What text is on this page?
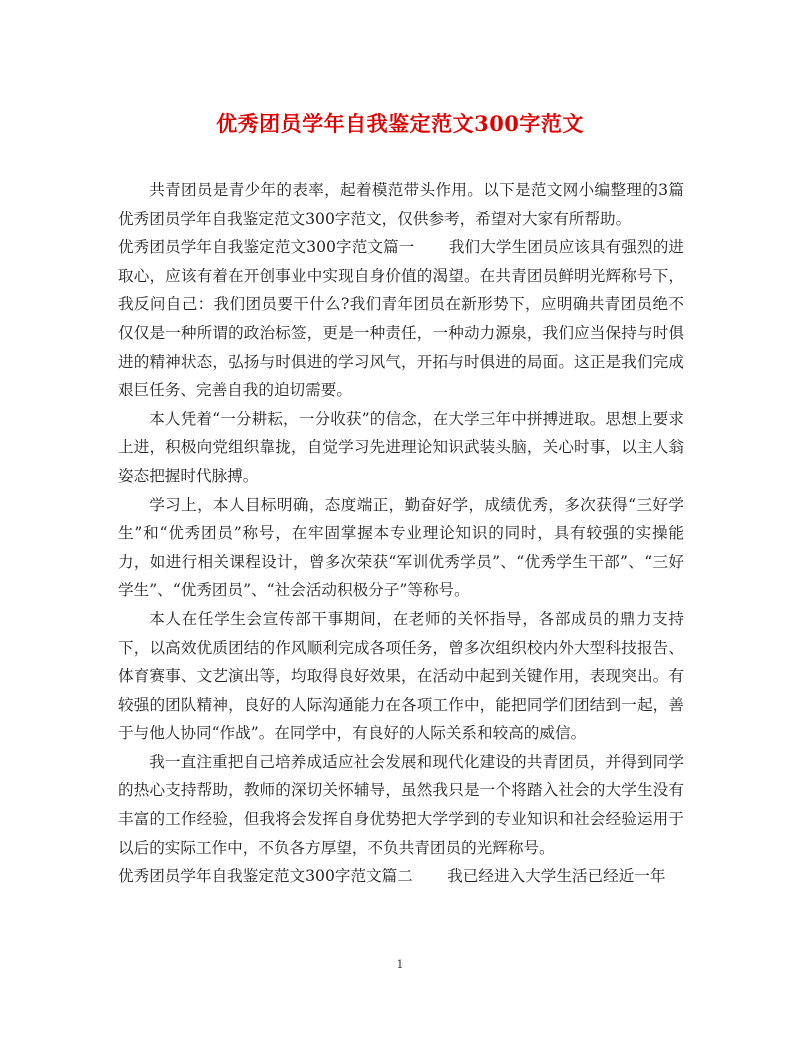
优秀团员学年自我鉴定范文300字范文

共青团员是青少年的表率，起着模范带头作用。以下是范文网小编整理的3篇优秀团员学年自我鉴定范文300字范文，仅供参考，希望对大家有所帮助。

优秀团员学年自我鉴定范文300字范文篇一 我们大学生团员应该具有强烈的进取心，应该有着在开创事业中实现自身价值的渴望。在共青团员鲜明光辉称号下，我反问自己：我们团员要干什么?我们青年团员在新形势下，应明确共青团员绝不仅仅是一种所谓的政治标签，更是一种责任，一种动力源泉，我们应当保持与时俱进的精神状态，弘扬与时俱进的学习风气，开拓与时俱进的局面。这正是我们完成艰巨任务、完善自我的迫切需要。

本人凭着“一分耕耘，一分收获”的信念，在大学三年中拼搏进取。思想上要求上进，积极向党组织靠拢，自觉学习先进理论知识武装头脑，关心时事，以主人翁姿态把握时代脉搏。

学习上，本人目标明确，态度端正，勤奋好学，成绩优秀，多次获得“三好学生”和“优秀团员”称号，在牢固掌握本专业理论知识的同时，具有较强的实操能力，如进行相关课程设计，曾多次荣获“军训优秀学员”、“优秀学生干部”、“三好学生”、“优秀团员”、“社会活动积极分子”等称号。

本人在任学生会宣传部干事期间，在老师的关怀指导，各部成员的鼎力支持下，以高效优质团结的作风顺利完成各项任务，曾多次组织校内外大型科技报告、体育赛事、文艺演出等，均取得良好效果，在活动中起到关键作用，表现突出。有较强的团队精神，良好的人际沟通能力在各项工作中，能把同学们团结到一起，善于与他人协同“作战”。在同学中，有良好的人际关系和较高的威信。

我一直注重把自己培养成适应社会发展和现代化建设的共青团员，并得到同学的热心支持帮助，教师的深切关怀辅导，虽然我只是一个将踏入社会的大学生没有丰富的工作经验，但我将会发挥自身优势把大学学到的专业知识和社会经验运用于以后的实际工作中，不负各方厚望，不负共青团员的光辉称号。

优秀团员学年自我鉴定范文300字范文篇二 我已经进入大学生活已经近一年

1
